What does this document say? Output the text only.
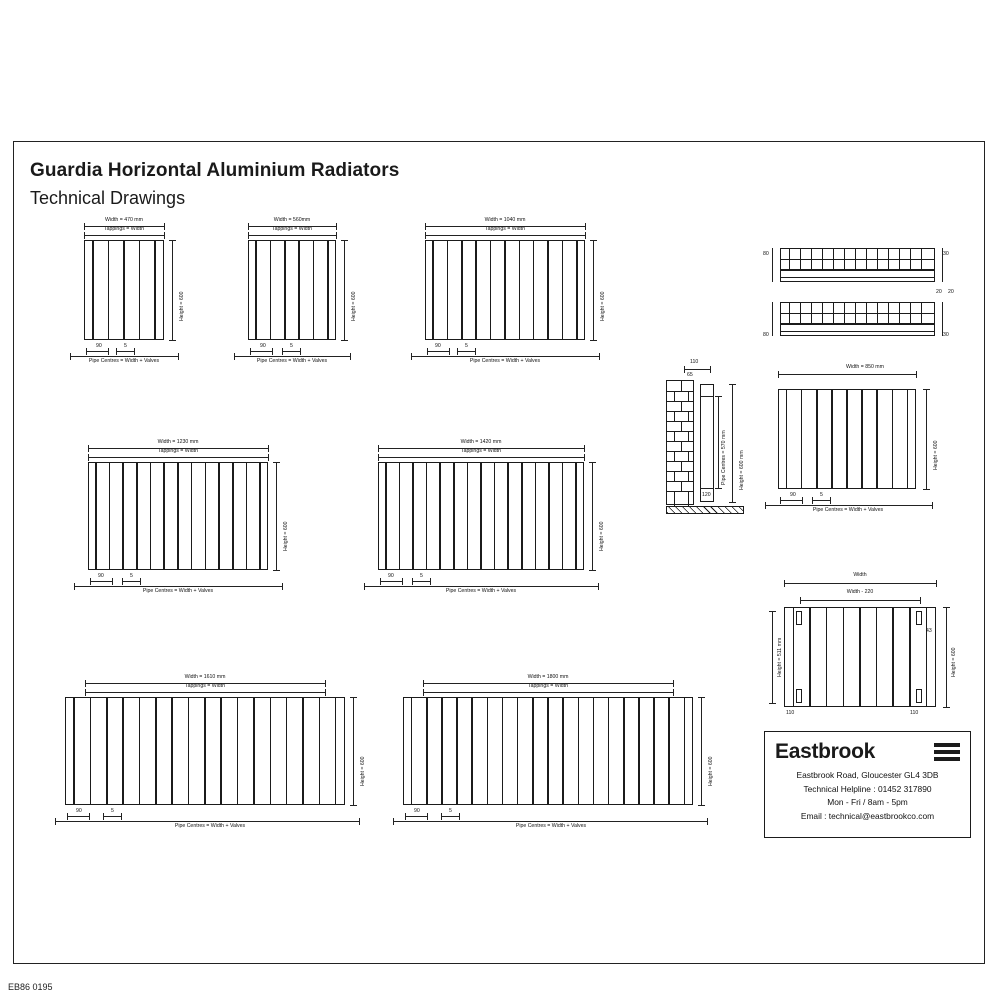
Guardia Horizontal Aluminium Radiators
Technical Drawings
EB86 0195
Width = 470 mm
Tappings = Width
Height = 600
90	5
Pipe Centres = Width + Valves
Width = 560mm
Tappings = Width
Height = 600
90	5
Pipe Centres = Width + Valves
Width = 1040 mm
Tappings = Width
Height = 600
90	5
Pipe Centres = Width + Valves
Width = 1230 mm
Tappings = Width
Height = 600
90	5
Pipe Centres = Width + Valves
Width = 1420 mm
Tappings = Width
Height = 600
90	5
Pipe Centres = Width + Valves
Width = 1610 mm
Tappings = Width
Height = 600
90	5
Pipe Centres = Width + Valves
Width = 1800 mm
Tappings = Width
Height = 600
90	5
Pipe Centres = Width + Valves
80	30
20 20
80	30
110
65
Pipe Centres = 570 mm Height = 600 mm
120
Width = 850 mm
Height = 600
90	5
Pipe Centres = Width + Valves
Width
Width - 220
Height = 511 mm
43
Height = 600
110	110
Eastbrook
Eastbrook Road, Gloucester GL4 3DB
Technical Helpline : 01452 317890
Mon - Fri / 8am - 5pm
Email : technical@eastbrookco.com
